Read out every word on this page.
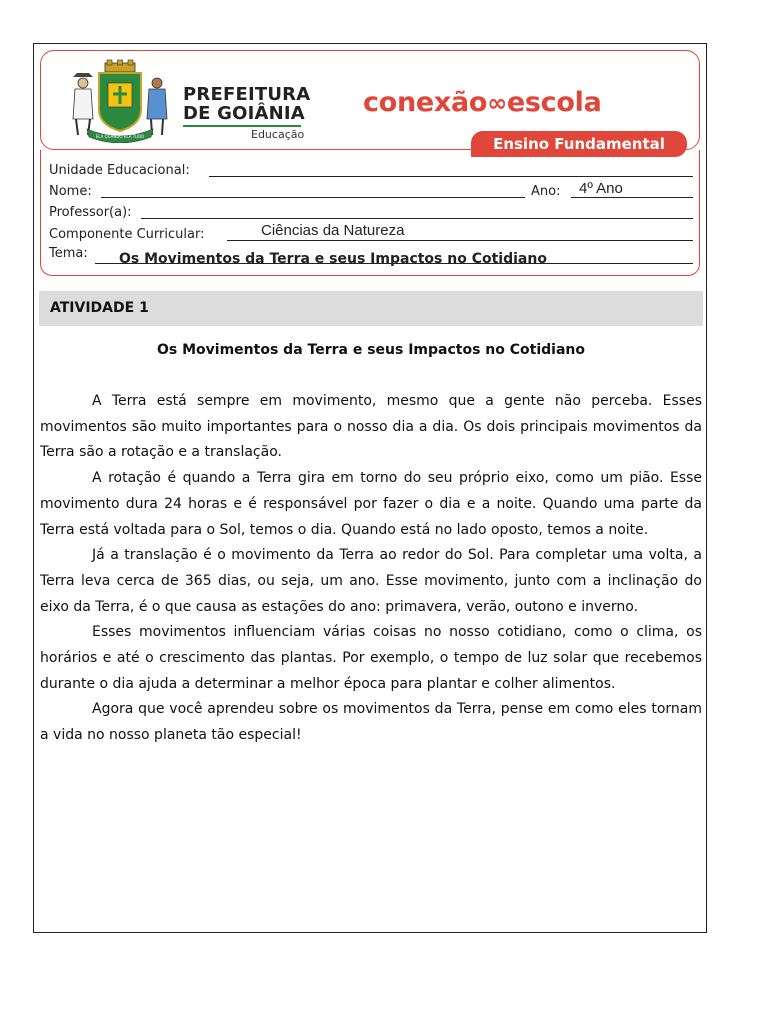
ELA QUANDO ELA TUDO
PREFEITURA
DE GOIÂNIA
Educação
conexão∞escola
Ensino Fundamental
Unidade Educacional:
Nome:	Ano: 4º Ano
Professor(a):
Componente Curricular:	Ciências da Natureza
Tema: Os Movimentos da Terra e seus Impactos no Cotidiano
ATIVIDADE 1
Os Movimentos da Terra e seus Impactos no Cotidiano

A Terra está sempre em movimento, mesmo que a gente não perceba. Esses movimentos são muito importantes para o nosso dia a dia. Os dois principais movimentos da Terra são a rotação e a translação.

A rotação é quando a Terra gira em torno do seu próprio eixo, como um pião. Esse movimento dura 24 horas e é responsável por fazer o dia e a noite. Quando uma parte da Terra está voltada para o Sol, temos o dia. Quando está no lado oposto, temos a noite.

Já a translação é o movimento da Terra ao redor do Sol. Para completar uma volta, a Terra leva cerca de 365 dias, ou seja, um ano. Esse movimento, junto com a inclinação do eixo da Terra, é o que causa as estações do ano: primavera, verão, outono e inverno.

Esses movimentos influenciam várias coisas no nosso cotidiano, como o clima, os horários e até o crescimento das plantas. Por exemplo, o tempo de luz solar que recebemos durante o dia ajuda a determinar a melhor época para plantar e colher alimentos.

Agora que você aprendeu sobre os movimentos da Terra, pense em como eles tornam a vida no nosso planeta tão especial!
